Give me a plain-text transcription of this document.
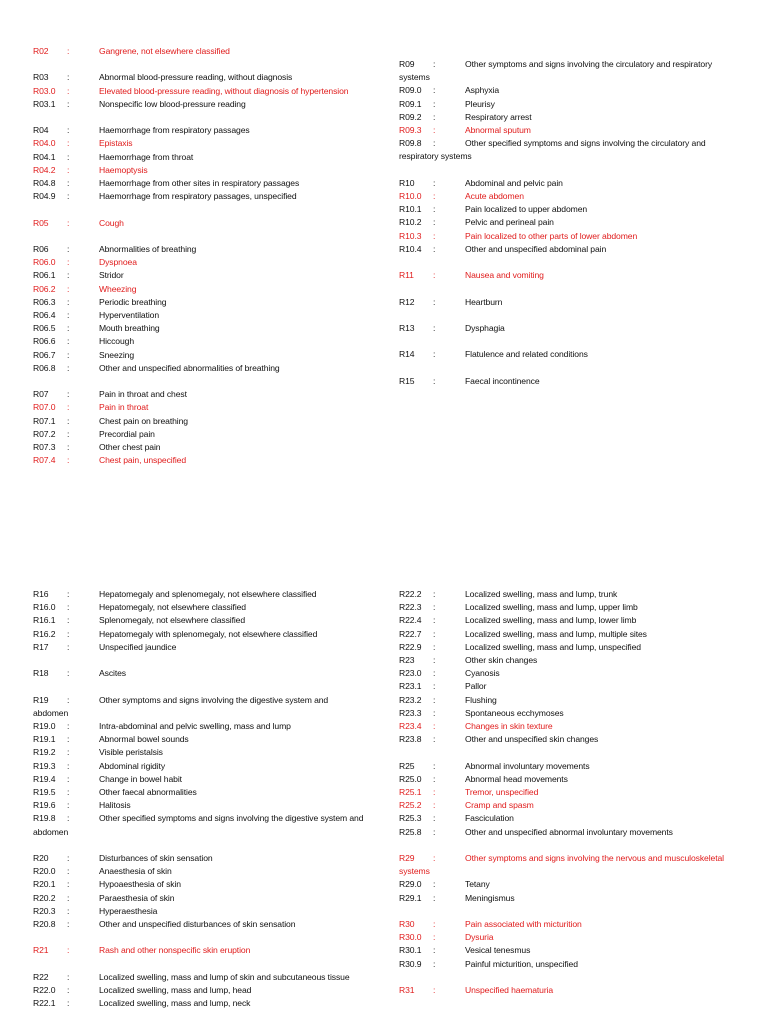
R02 :	Gangrene, not elsewhere classified
R03 :	Abnormal blood-pressure reading, without diagnosis
R03.0 :	Elevated blood-pressure reading, without diagnosis of hypertension
R03.1 :	Nonspecific low blood-pressure reading
R04 :	Haemorrhage from respiratory passages
R04.0 :	Epistaxis
R04.1 :	Haemorrhage from throat
R04.2 :	Haemoptysis
R04.8 :	Haemorrhage from other sites in respiratory passages
R04.9 :	Haemorrhage from respiratory passages, unspecified
R05 :	Cough
R06 :	Abnormalities of breathing
R06.0 :	Dyspnoea
R06.1 :	Stridor
R06.2 :	Wheezing
R06.3 :	Periodic breathing
R06.4 :	Hyperventilation
R06.5 :	Mouth breathing
R06.6 :	Hiccough
R06.7 :	Sneezing
R06.8 :	Other and unspecified abnormalities of breathing
R07 :	Pain in throat and chest
R07.0 :	Pain in throat
R07.1 :	Chest pain on breathing
R07.2 :	Precordial pain
R07.3 :	Other chest pain
R07.4 :	Chest pain, unspecified
R09 :	Other symptoms and signs involving the circulatory and respiratory
systems
R09.0 :	Asphyxia
R09.1 :	Pleurisy
R09.2 :	Respiratory arrest
R09.3 :	Abnormal sputum
R09.8 :	Other specified symptoms and signs involving the circulatory and
respiratory systems
R10 :	Abdominal and pelvic pain
R10.0 :	Acute abdomen
R10.1 :	Pain localized to upper abdomen
R10.2 :	Pelvic and perineal pain
R10.3 :	Pain localized to other parts of lower abdomen
R10.4 :	Other and unspecified abdominal pain
R11 :	Nausea and vomiting
R12 :	Heartburn
R13 :	Dysphagia
R14 :	Flatulence and related conditions
R15 :	Faecal incontinence
R16 :	Hepatomegaly and splenomegaly, not elsewhere classified
R16.0 :	Hepatomegaly, not elsewhere classified
R16.1 :	Splenomegaly, not elsewhere classified
R16.2 :	Hepatomegaly with splenomegaly, not elsewhere classified
R17 :	Unspecified jaundice
R18 :	Ascites
R19 :	Other symptoms and signs involving the digestive system and
abdomen
R19.0 :	Intra-abdominal and pelvic swelling, mass and lump
R19.1 :	Abnormal bowel sounds
R19.2 :	Visible peristalsis
R19.3 :	Abdominal rigidity
R19.4 :	Change in bowel habit
R19.5 :	Other faecal abnormalities
R19.6 :	Halitosis
R19.8 :	Other specified symptoms and signs involving the digestive system and
abdomen
R20 :	Disturbances of skin sensation
R20.0 :	Anaesthesia of skin
R20.1 :	Hypoaesthesia of skin
R20.2 :	Paraesthesia of skin
R20.3 :	Hyperaesthesia
R20.8 :	Other and unspecified disturbances of skin sensation
R21 :	Rash and other nonspecific skin eruption
R22 :	Localized swelling, mass and lump of skin and subcutaneous tissue
R22.0 :	Localized swelling, mass and lump, head
R22.1 :	Localized swelling, mass and lump, neck
R22.2 :	Localized swelling, mass and lump, trunk
R22.3 :	Localized swelling, mass and lump, upper limb
R22.4 :	Localized swelling, mass and lump, lower limb
R22.7 :	Localized swelling, mass and lump, multiple sites
R22.9 :	Localized swelling, mass and lump, unspecified
R23 :	Other skin changes
R23.0 :	Cyanosis
R23.1 :	Pallor
R23.2 :	Flushing
R23.3 :	Spontaneous ecchymoses
R23.4 :	Changes in skin texture
R23.8 :	Other and unspecified skin changes
R25 :	Abnormal involuntary movements
R25.0 :	Abnormal head movements
R25.1 :	Tremor, unspecified
R25.2 :	Cramp and spasm
R25.3 :	Fasciculation
R25.8 :	Other and unspecified abnormal involuntary movements
R29 :	Other symptoms and signs involving the nervous and musculoskeletal
systems
R29.0 :	Tetany
R29.1 :	Meningismus
R30 :	Pain associated with micturition
R30.0 :	Dysuria
R30.1 :	Vesical tenesmus
R30.9 :	Painful micturition, unspecified
R31 :	Unspecified haematuria
